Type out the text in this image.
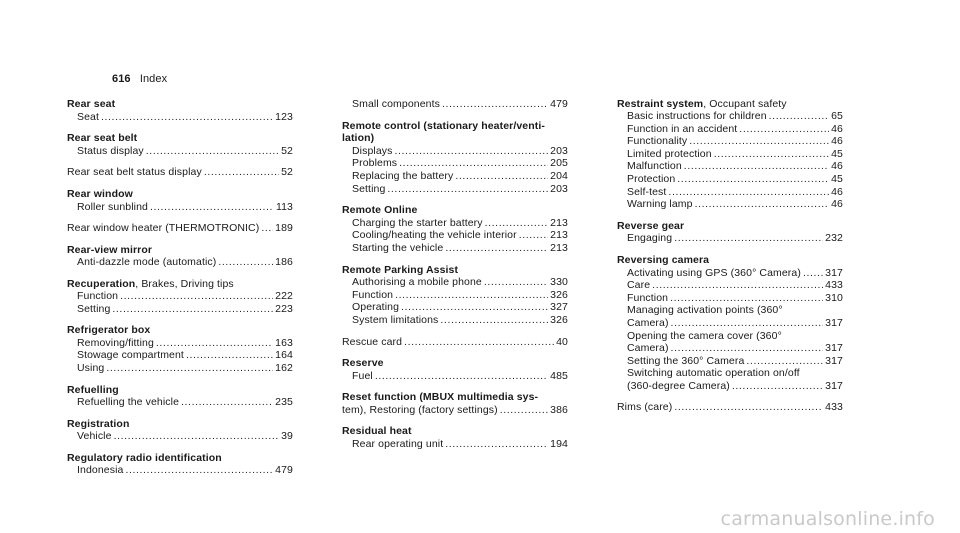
616 Index
Rear seat
Seat .....	123
Rear seat belt
Status display .....	52
Rear seat belt status display .....	52
Rear window
Roller sunblind .....	113
Rear window heater (THERMOTRONIC) ..... 189
Rear-view mirror
Anti-dazzle mode (automatic) .....	186
Recuperation , Brakes, Driving tips
Function .....	222
Setting .....	223
Refrigerator box
Removing/fitting .....	163
Stowage compartment .....	164
Using .....	162
Refuelling
Refuelling the vehicle .....	235
Registration
Vehicle .....	39
Regulatory radio identification
Indonesia .....	479
Small components .....	479
Remote control (stationary heater/venti-
lation)
Displays .....	203
Problems .....	205
Replacing the battery .....	204
Setting .....	203
Remote Online
Charging the starter battery .....	213
Cooling/heating the vehicle interior .....	213
Starting the vehicle .....	213
Remote Parking Assist
Authorising a mobile phone .....	330
Function .....	326
Operating .....	327
System limitations .....	326
Rescue card .....	40
Reserve
Fuel .....	485
Reset function (MBUX multimedia sys-
tem) , Restoring (factory settings) .....	386
Residual heat
Rear operating unit .....	194
Restraint system , Occupant safety
Basic instructions for children .....	65
Function in an accident .....	46
Functionality .....	46
Limited protection .....	45
Malfunction .....	46
Protection .....	45
Self-test .....	46
Warning lamp .....	46
Reverse gear
Engaging .....	232
Reversing camera
Activating using GPS (360° Camera) ..... 317
Care .....	433
Function .....	310
Managing activation points (360°
Camera) .....	317
Opening the camera cover (360°
Camera) .....	317
Setting the 360° Camera .....	317
Switching automatic operation on/off
(360-degree Camera) .....	317
Rims (care) .....	433
carmanualsonline.info
